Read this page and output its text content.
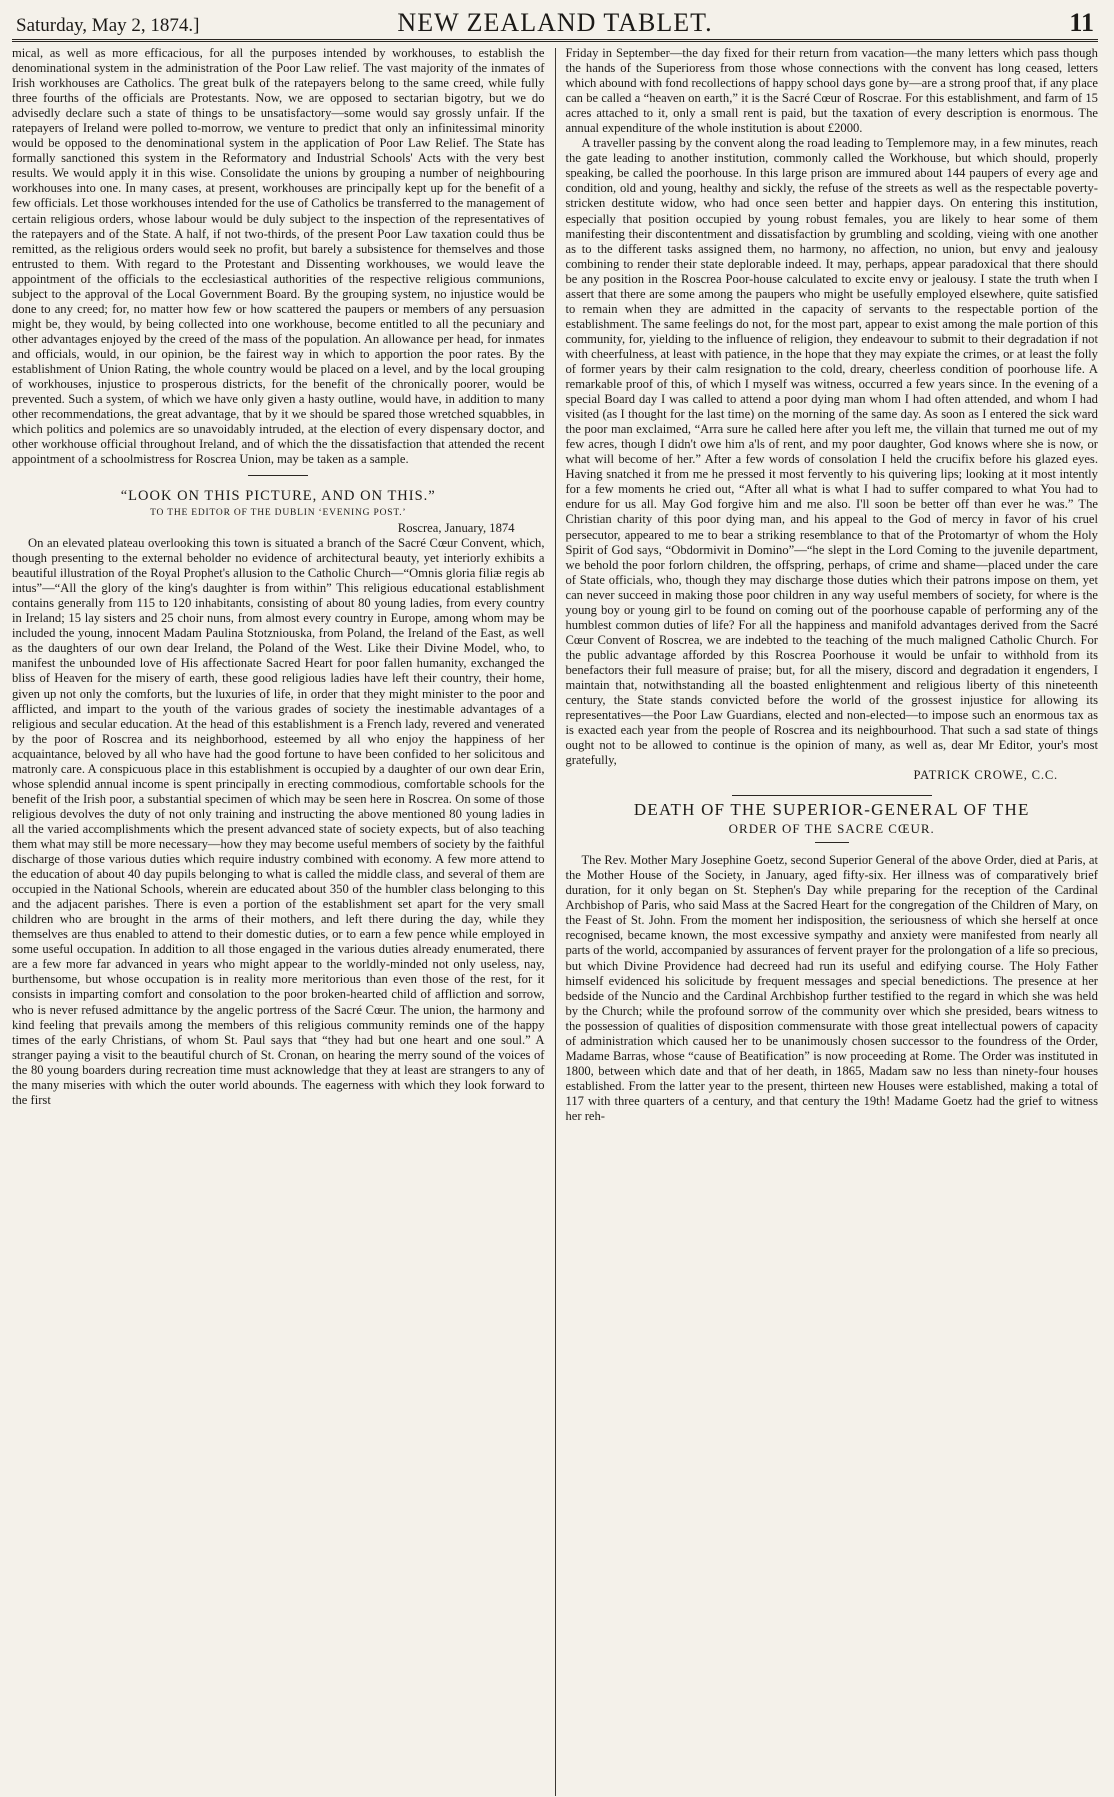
Saturday, May 2, 1874.]	NEW ZEALAND TABLET.	11

mical, as well as more efficacious, for all the purposes intended by workhouses, to establish the denominational system in the administration of the Poor Law relief. The vast majority of the inmates of Irish workhouses are Catholics. The great bulk of the ratepayers belong to the same creed, while fully three fourths of the officials are Protestants. Now, we are opposed to sectarian bigotry, but we do advisedly declare such a state of things to be unsatisfactory—some would say grossly unfair. If the ratepayers of Ireland were polled to-morrow, we venture to predict that only an infinitessimal minority would be opposed to the denominational system in the application of Poor Law Relief. The State has formally sanctioned this system in the Reformatory and Industrial Schools' Acts with the very best results. We would apply it in this wise. Consolidate the unions by grouping a number of neighbouring workhouses into one. In many cases, at present, workhouses are principally kept up for the benefit of a few officials. Let those workhouses intended for the use of Catholics be transferred to the management of certain religious orders, whose labour would be duly subject to the inspection of the representatives of the ratepayers and of the State. A half, if not two-thirds, of the present Poor Law taxation could thus be remitted, as the religious orders would seek no profit, but barely a subsistence for themselves and those entrusted to them. With regard to the Protestant and Dissenting workhouses, we would leave the appointment of the officials to the ecclesiastical authorities of the respective religious communions, subject to the approval of the Local Government Board. By the grouping system, no injustice would be done to any creed; for, no matter how few or how scattered the paupers or members of any persuasion might be, they would, by being collected into one workhouse, become entitled to all the pecuniary and other advantages enjoyed by the creed of the mass of the population. An allowance per head, for inmates and officials, would, in our opinion, be the fairest way in which to apportion the poor rates. By the establishment of Union Rating, the whole country would be placed on a level, and by the local grouping of workhouses, injustice to prosperous districts, for the benefit of the chronically poorer, would be prevented. Such a system, of which we have only given a hasty outline, would have, in addition to many other recommendations, the great advantage, that by it we should be spared those wretched squabbles, in which politics and polemics are so unavoidably intruded, at the election of every dispensary doctor, and other workhouse official throughout Ireland, and of which the the dissatisfaction that attended the recent appointment of a schoolmistress for Roscrea Union, may be taken as a sample.

“LOOK ON THIS PICTURE, AND ON THIS.”

TO THE EDITOR OF THE DUBLIN ‘EVENING POST.’

Roscrea, January, 1874

On an elevated plateau overlooking this town is situated a branch of the Sacré Cœur Convent, which, though presenting to the external beholder no evidence of architectural beauty, yet interiorly exhibits a beautiful illustration of the Royal Prophet's allusion to the Catholic Church—“Omnis gloria filiæ regis ab intus”—“All the glory of the king's daughter is from within” This religious educational establishment contains generally from 115 to 120 inhabitants, consisting of about 80 young ladies, from every country in Ireland; 15 lay sisters and 25 choir nuns, from almost every country in Europe, among whom may be included the young, innocent Madam Paulina Stotzniouska, from Poland, the Ireland of the East, as well as the daughters of our own dear Ireland, the Poland of the West. Like their Divine Model, who, to manifest the unbounded love of His affectionate Sacred Heart for poor fallen humanity, exchanged the bliss of Heaven for the misery of earth, these good religious ladies have left their country, their home, given up not only the comforts, but the luxuries of life, in order that they might minister to the poor and afflicted, and impart to the youth of the various grades of society the inestimable advantages of a religious and secular education. At the head of this establishment is a French lady, revered and venerated by the poor of Roscrea and its neighborhood, esteemed by all who enjoy the happiness of her acquaintance, beloved by all who have had the good fortune to have been confided to her solicitous and matronly care. A conspicuous place in this establishment is occupied by a daughter of our own dear Erin, whose splendid annual income is spent principally in erecting commodious, comfortable schools for the benefit of the Irish poor, a substantial specimen of which may be seen here in Roscrea. On some of those religious devolves the duty of not only training and instructing the above mentioned 80 young ladies in all the varied accomplishments which the present advanced state of society expects, but of also teaching them what may still be more necessary—how they may become useful members of society by the faithful discharge of those various duties which require industry combined with economy. A few more attend to the education of about 40 day pupils belonging to what is called the middle class, and several of them are occupied in the National Schools, wherein are educated about 350 of the humbler class belonging to this and the adjacent parishes. There is even a portion of the establishment set apart for the very small children who are brought in the arms of their mothers, and left there during the day, while they themselves are thus enabled to attend to their domestic duties, or to earn a few pence while employed in some useful occupation. In addition to all those engaged in the various duties already enumerated, there are a few more far advanced in years who might appear to the worldly-minded not only useless, nay, burthensome, but whose occupation is in reality more meritorious than even those of the rest, for it consists in imparting comfort and consolation to the poor broken-hearted child of affliction and sorrow, who is never refused admittance by the angelic portress of the Sacré Cœur. The union, the harmony and kind feeling that prevails among the members of this religious community reminds one of the happy times of the early Christians, of whom St. Paul says that “they had but one heart and one soul.” A stranger paying a visit to the beautiful church of St. Cronan, on hearing the merry sound of the voices of the 80 young boarders during recreation time must acknowledge that they at least are strangers to any of the many miseries with which the outer world abounds. The eagerness with which they look forward to the first

Friday in September—the day fixed for their return from vacation—the many letters which pass though the hands of the Superioress from those whose connections with the convent has long ceased, letters which abound with fond recollections of happy school days gone by—are a strong proof that, if any place can be called a “heaven on earth,” it is the Sacré Cœur of Roscrae. For this establishment, and farm of 15 acres attached to it, only a small rent is paid, but the taxation of every description is enormous. The annual expenditure of the whole institution is about £2000.

A traveller passing by the convent along the road leading to Templemore may, in a few minutes, reach the gate leading to another institution, commonly called the Workhouse, but which should, properly speaking, be called the poorhouse. In this large prison are immured about 144 paupers of every age and condition, old and young, healthy and sickly, the refuse of the streets as well as the respectable poverty-stricken destitute widow, who had once seen better and happier days. On entering this institution, especially that position occupied by young robust females, you are likely to hear some of them manifesting their discontentment and dissatisfaction by grumbling and scolding, vieing with one another as to the different tasks assigned them, no harmony, no affection, no union, but envy and jealousy combining to render their state deplorable indeed. It may, perhaps, appear paradoxical that there should be any position in the Roscrea Poor-house calculated to excite envy or jealousy. I state the truth when I assert that there are some among the paupers who might be usefully employed elsewhere, quite satisfied to remain when they are admitted in the capacity of servants to the respectable portion of the establishment. The same feelings do not, for the most part, appear to exist among the male portion of this community, for, yielding to the influence of religion, they endeavour to submit to their degradation if not with cheerfulness, at least with patience, in the hope that they may expiate the crimes, or at least the folly of former years by their calm resignation to the cold, dreary, cheerless condition of poorhouse life. A remarkable proof of this, of which I myself was witness, occurred a few years since. In the evening of a special Board day I was called to attend a poor dying man whom I had often attended, and whom I had visited (as I thought for the last time) on the morning of the same day. As soon as I entered the sick ward the poor man exclaimed, “Arra sure he called here after you left me, the villain that turned me out of my few acres, though I didn't owe him a'ls of rent, and my poor daughter, God knows where she is now, or what will become of her.” After a few words of consolation I held the crucifix before his glazed eyes. Having snatched it from me he pressed it most fervently to his quivering lips; looking at it most intently for a few moments he cried out, “After all what is what I had to suffer compared to what You had to endure for us all. May God forgive him and me also. I'll soon be better off than ever he was.” The Christian charity of this poor dying man, and his appeal to the God of mercy in favor of his cruel persecutor, appeared to me to bear a striking resemblance to that of the Protomartyr of whom the Holy Spirit of God says, “Obdormivit in Domino”—“he slept in the Lord Coming to the juvenile department, we behold the poor forlorn children, the offspring, perhaps, of crime and shame—placed under the care of State officials, who, though they may discharge those duties which their patrons impose on them, yet can never succeed in making those poor children in any way useful members of society, for where is the young boy or young girl to be found on coming out of the poorhouse capable of performing any of the humblest common duties of life? For all the happiness and manifold advantages derived from the Sacré Cœur Convent of Roscrea, we are indebted to the teaching of the much maligned Catholic Church. For the public advantage afforded by this Roscrea Poorhouse it would be unfair to withhold from its benefactors their full measure of praise; but, for all the misery, discord and degradation it engenders, I maintain that, notwithstanding all the boasted enlightenment and religious liberty of this nineteenth century, the State stands convicted before the world of the grossest injustice for allowing its representatives—the Poor Law Guardians, elected and non-elected—to impose such an enormous tax as is exacted each year from the people of Roscrea and its neighbourhood. That such a sad state of things ought not to be allowed to continue is the opinion of many, as well as, dear Mr Editor, your's most gratefully,

PATRICK CROWE, C.C.

DEATH OF THE SUPERIOR-GENERAL OF THE

ORDER OF THE SACRE CŒUR.

The Rev. Mother Mary Josephine Goetz, second Superior General of the above Order, died at Paris, at the Mother House of the Society, in January, aged fifty-six. Her illness was of comparatively brief duration, for it only began on St. Stephen's Day while preparing for the reception of the Cardinal Archbishop of Paris, who said Mass at the Sacred Heart for the congregation of the Children of Mary, on the Feast of St. John. From the moment her indisposition, the seriousness of which she herself at once recognised, became known, the most excessive sympathy and anxiety were manifested from nearly all parts of the world, accompanied by assurances of fervent prayer for the prolongation of a life so precious, but which Divine Providence had decreed had run its useful and edifying course. The Holy Father himself evidenced his solicitude by frequent messages and special benedictions. The presence at her bedside of the Nuncio and the Cardinal Archbishop further testified to the regard in which she was held by the Church; while the profound sorrow of the community over which she presided, bears witness to the possession of qualities of disposition commensurate with those great intellectual powers of capacity of administration which caused her to be unanimously chosen successor to the foundress of the Order, Madame Barras, whose “cause of Beatification” is now proceeding at Rome. The Order was instituted in 1800, between which date and that of her death, in 1865, Madam saw no less than ninety-four houses established. From the latter year to the present, thirteen new Houses were established, making a total of 117 with three quarters of a century, and that century the 19th! Madame Goetz had the grief to witness her reh-
